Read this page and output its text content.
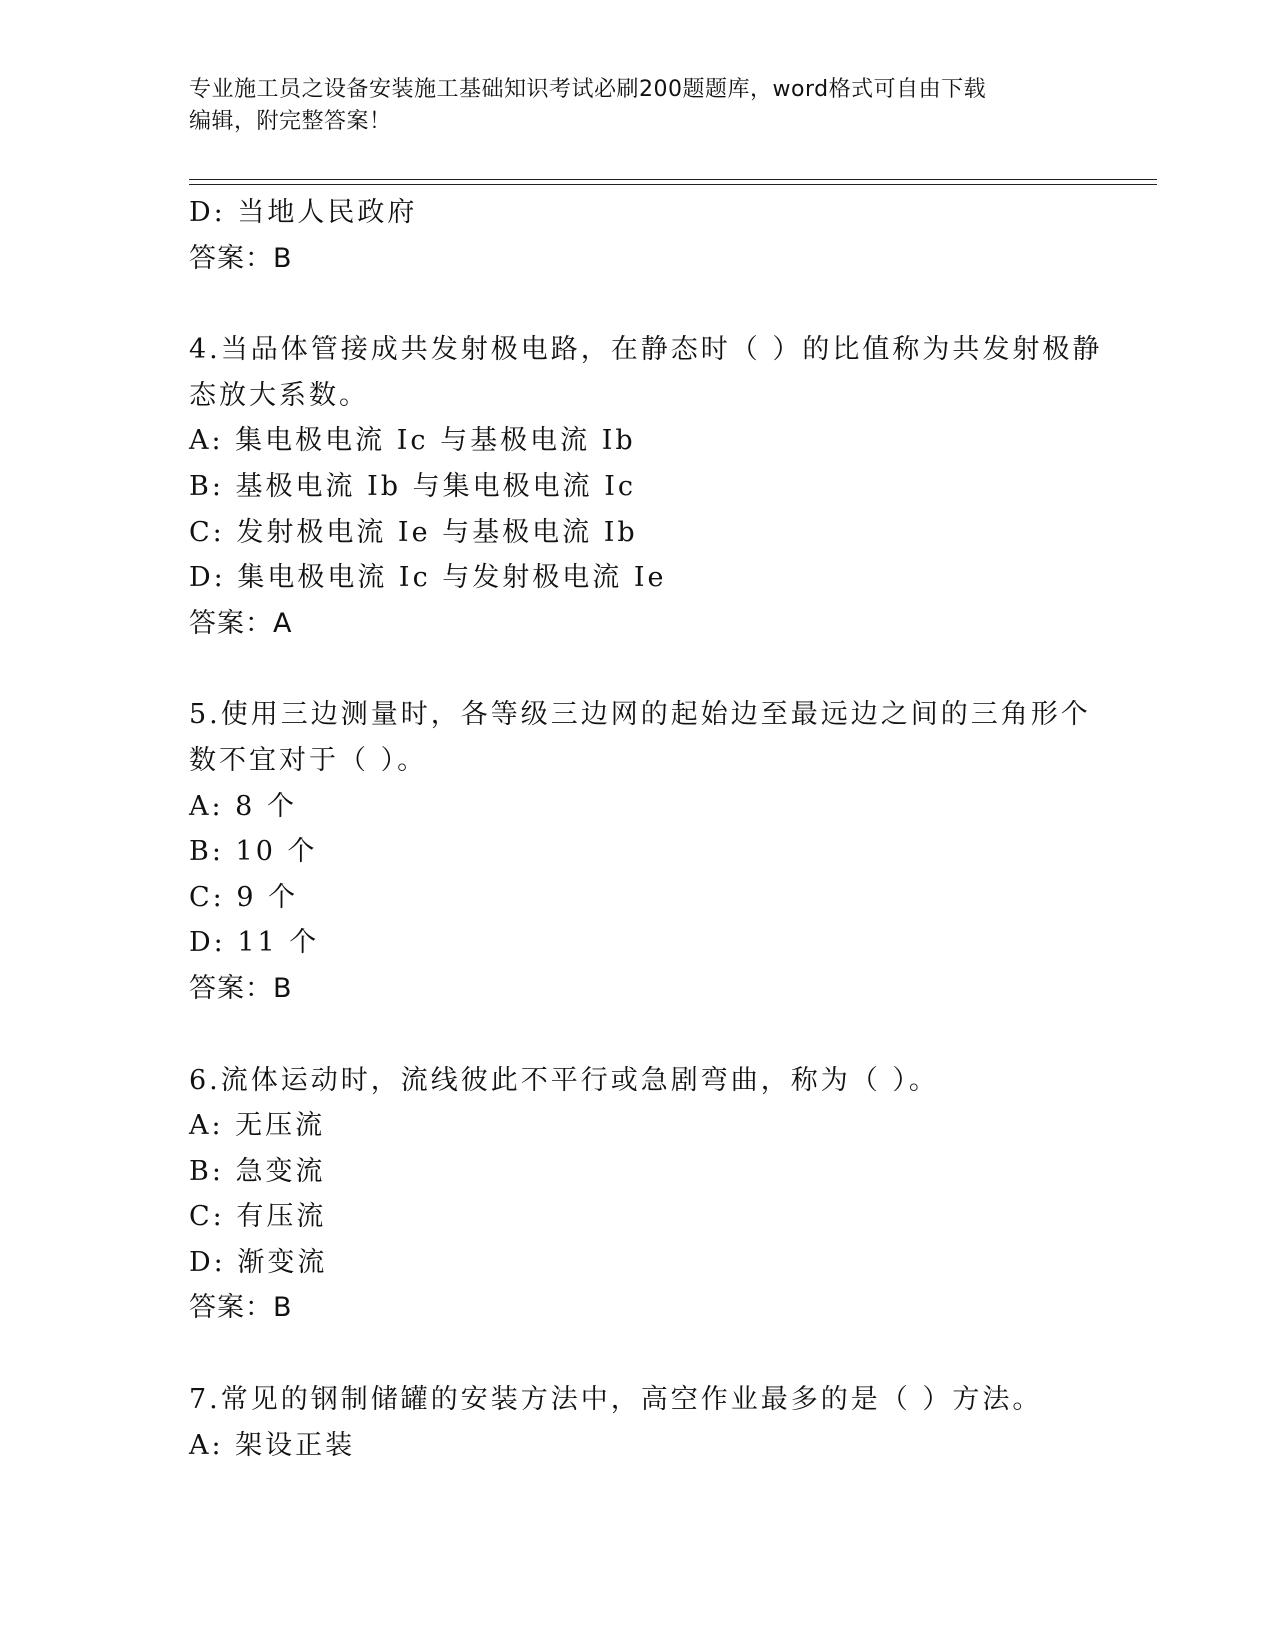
专业施工员之设备安装施工基础知识考试必刷200题题库，word格式可自由下载
编辑，附完整答案！
D: 当地人民政府
答案：B
4.当品体管接成共发射极电路，在静态时（ ）的比值称为共发射极静
态放大系数。
A: 集电极电流 Ic 与基极电流 Ib
B: 基极电流 Ib 与集电极电流 Ic
C: 发射极电流 Ie 与基极电流 Ib
D: 集电极电流 Ic 与发射极电流 Ie
答案：A
5.使用三边测量时，各等级三边网的起始边至最远边之间的三角形个
数不宜对于（ ）。
A: 8 个
B: 10 个
C: 9 个
D: 11 个
答案：B
6.流体运动时，流线彼此不平行或急剧弯曲，称为（ ）。
A: 无压流
B: 急变流
C: 有压流
D: 渐变流
答案：B
7.常见的钢制储罐的安装方法中，高空作业最多的是（ ）方法。
A: 架设正装
